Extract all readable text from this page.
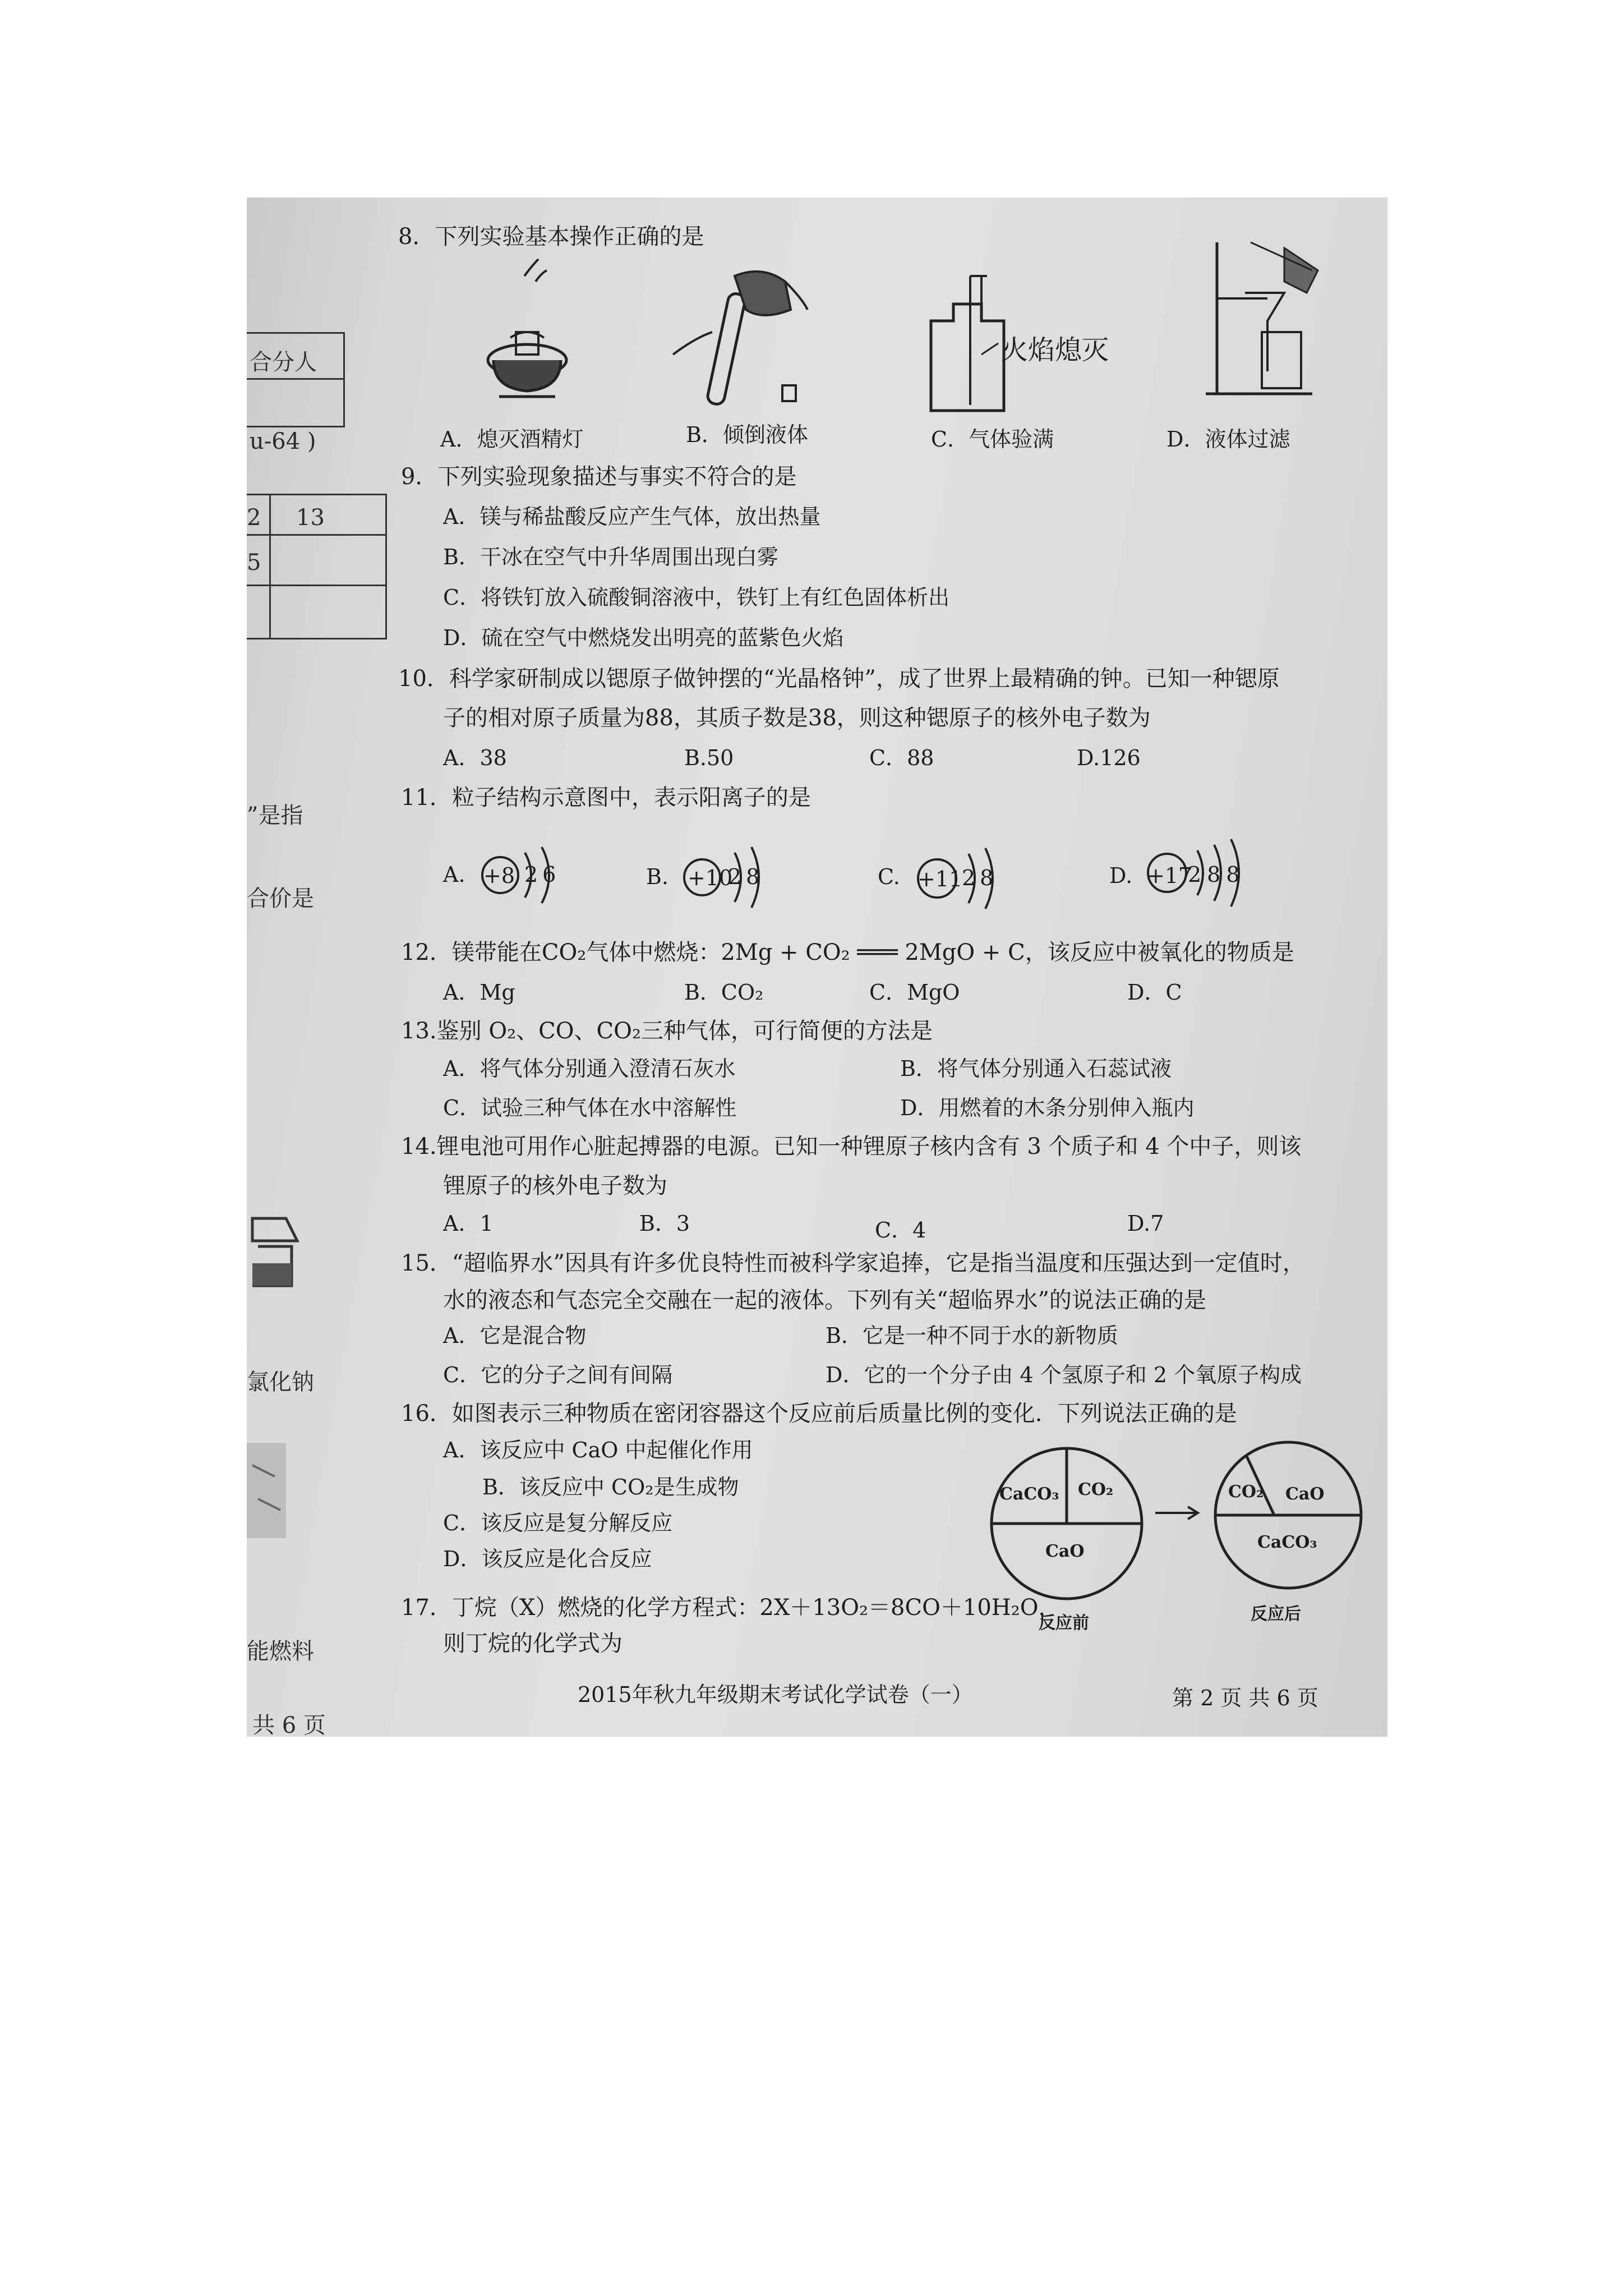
合分人
u-64 )
2 13
5
”是指
合价是
氯化钠
能燃料
共 6 页
8．下列实验基本操作正确的是
火焰熄灭
A．熄灭酒精灯	B．倾倒液体	C．气体验满	D．液体过滤
9．下列实验现象描述与事实不符合的是
A．镁与稀盐酸反应产生气体，放出热量
B．干冰在空气中升华周围出现白雾
C．将铁钉放入硫酸铜溶液中，铁钉上有红色固体析出
D．硫在空气中燃烧发出明亮的蓝紫色火焰
10．科学家研制成以锶原子做钟摆的“光晶格钟”，成了世界上最精确的钟。已知一种锶原
子的相对原子质量为88，其质子数是38，则这种锶原子的核外电子数为
A．38	B.50	C．88	D.126
11．粒子结构示意图中，表示阳离子的是
A. +8 26	B. +10
28	C. +11
28	D. +17
288
12．镁带能在CO₂气体中燃烧：2Mg + CO₂ ═══ 2MgO + C，该反应中被氧化的物质是
A．Mg	B．CO₂	C．MgO	D．C
13.鉴别 O₂、CO、CO₂三种气体，可行简便的方法是
A．将气体分别通入澄清石灰水	B．将气体分别通入石蕊试液
C．试验三种气体在水中溶解性	D．用燃着的木条分别伸入瓶内
14.锂电池可用作心脏起搏器的电源。已知一种锂原子核内含有 3 个质子和 4 个中子，则该
锂原子的核外电子数为
A．1	B．3	C．4	D.7
15．“超临界水”因具有许多优良特性而被科学家追捧，它是指当温度和压强达到一定值时，
水的液态和气态完全交融在一起的液体。下列有关“超临界水”的说法正确的是
A．它是混合物	B．它是一种不同于水的新物质
C．它的分子之间有间隔	D．它的一个分子由 4 个氢原子和 2 个氧原子构成
16．如图表示三种物质在密闭容器这个反应前后质量比例的变化．下列说法正确的是
A．该反应中 CaO 中起催化作用
B．该反应中 CO₂是生成物
C．该反应是复分解反应
D．该反应是化合反应
CaCO₃ CO₂
CaO
反应前
CO₂ CaO
CaCO₃
反应后
17．丁烷（X）燃烧的化学方程式：2X＋13O₂＝8CO＋10H₂O，
则丁烷的化学式为
2015年秋九年级期末考试化学试卷（一）	第 2 页 共 6 页
